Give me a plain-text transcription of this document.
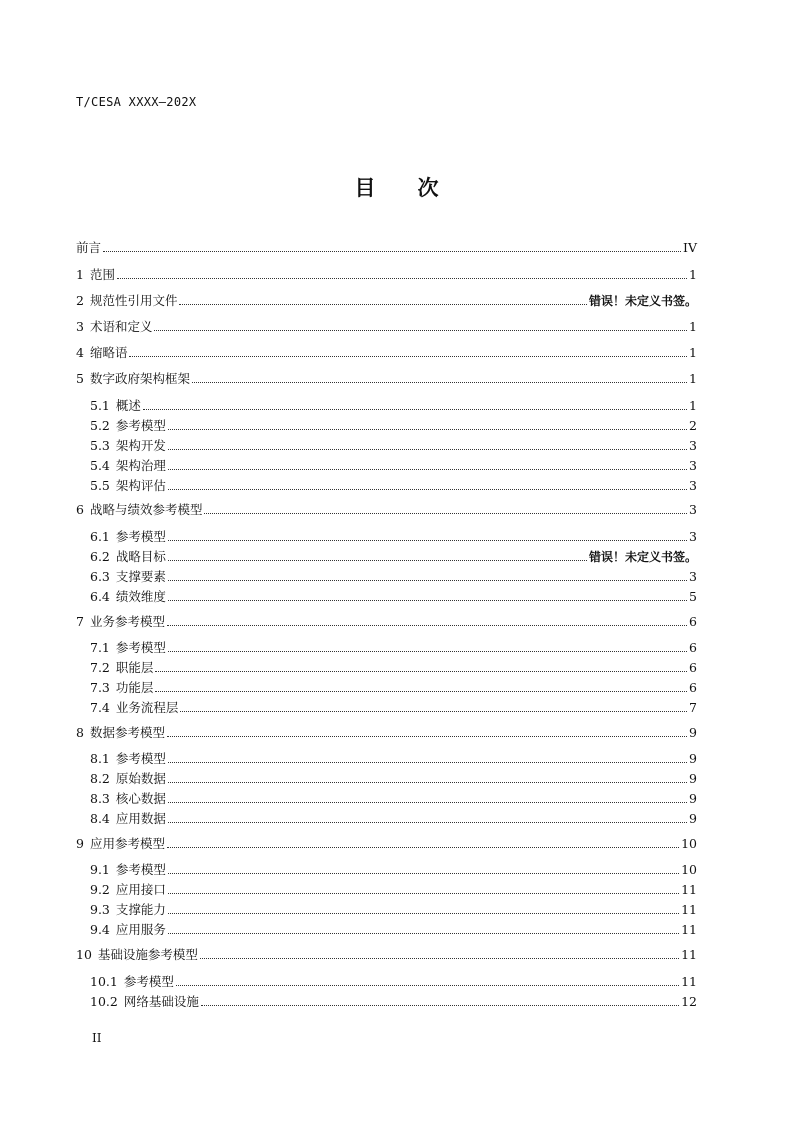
T/CESA XXXX—202X
目 次
前言	IV
1 范围	1
2 规范性引用文件	错误！未定义书签。
3 术语和定义	1
4 缩略语	1
5 数字政府架构框架	1
5.1 概述	1
5.2 参考模型	2
5.3 架构开发	3
5.4 架构治理	3
5.5 架构评估	3
6 战略与绩效参考模型	3
6.1 参考模型	3
6.2 战略目标	错误！未定义书签。
6.3 支撑要素	3
6.4 绩效维度	5
7 业务参考模型	6
7.1 参考模型	6
7.2 职能层	6
7.3 功能层	6
7.4 业务流程层	7
8 数据参考模型	9
8.1 参考模型	9
8.2 原始数据	9
8.3 核心数据	9
8.4 应用数据	9
9 应用参考模型	10
9.1 参考模型	10
9.2 应用接口	11
9.3 支撑能力	11
9.4 应用服务	11
10 基础设施参考模型	11
10.1 参考模型	11
10.2 网络基础设施	12
II
